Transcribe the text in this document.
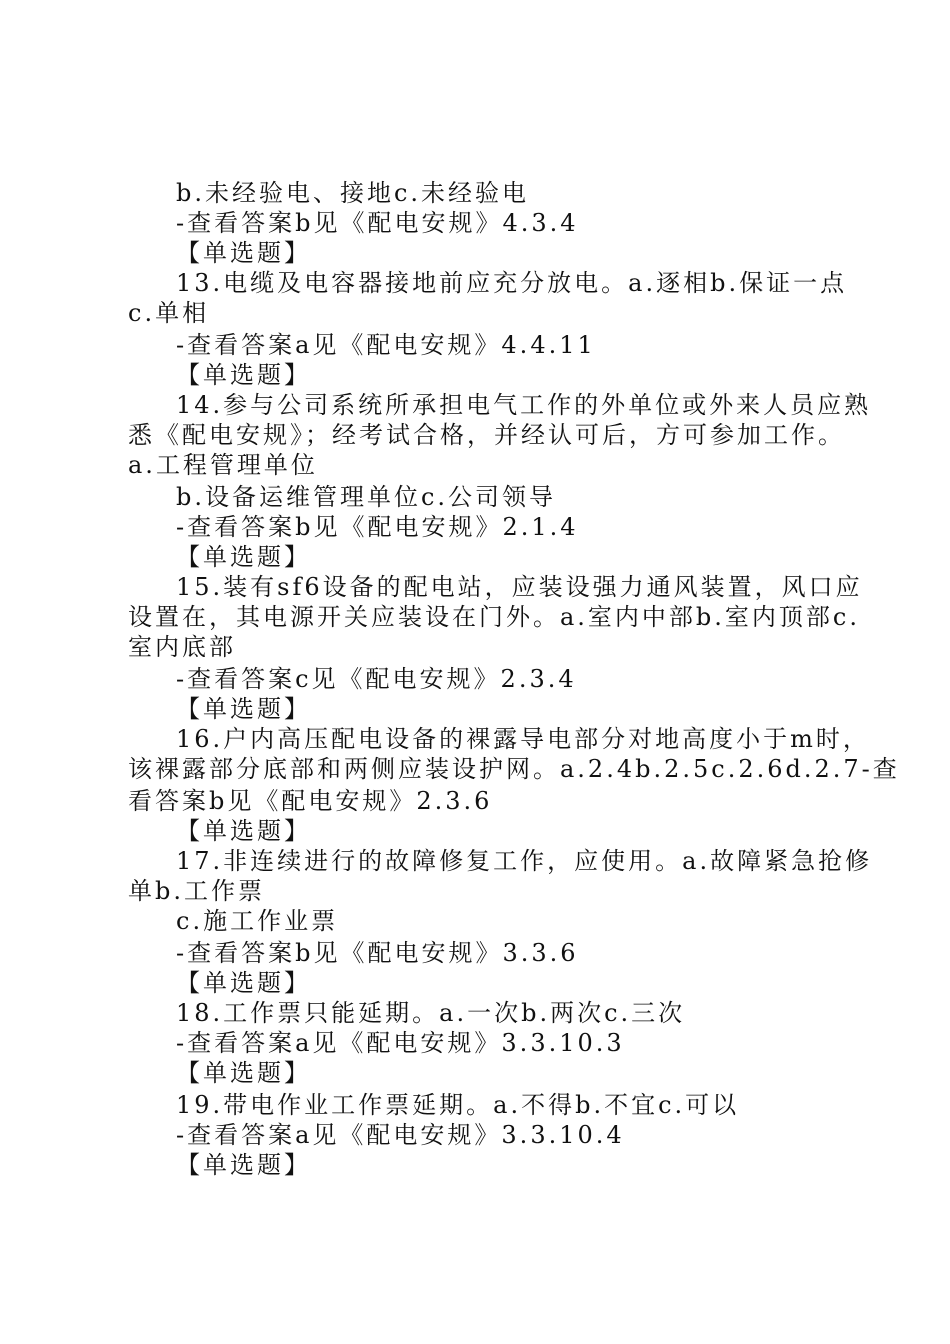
b.未经验电、接地c.未经验电
-查看答案b见《配电安规》4.3.4
【单选题】
13.电缆及电容器接地前应充分放电。a.逐相b.保证一点
c.单相
-查看答案a见《配电安规》4.4.11
【单选题】
14.参与公司系统所承担电气工作的外单位或外来人员应熟
悉《配电安规》；经考试合格，并经认可后，方可参加工作。
a.工程管理单位
b.设备运维管理单位c.公司领导
-查看答案b见《配电安规》2.1.4
【单选题】
15.装有sf6设备的配电站，应装设强力通风装置，风口应
设置在，其电源开关应装设在门外。a.室内中部b.室内顶部c.
室内底部
-查看答案c见《配电安规》2.3.4
【单选题】
16.户内高压配电设备的裸露导电部分对地高度小于m时，
该裸露部分底部和两侧应装设护网。a.2.4b.2.5c.2.6d.2.7-查
看答案b见《配电安规》2.3.6
【单选题】
17.非连续进行的故障修复工作，应使用。a.故障紧急抢修
单b.工作票
c.施工作业票
-查看答案b见《配电安规》3.3.6
【单选题】
18.工作票只能延期。a.一次b.两次c.三次
-查看答案a见《配电安规》3.3.10.3
【单选题】
19.带电作业工作票延期。a.不得b.不宜c.可以
-查看答案a见《配电安规》3.3.10.4
【单选题】
